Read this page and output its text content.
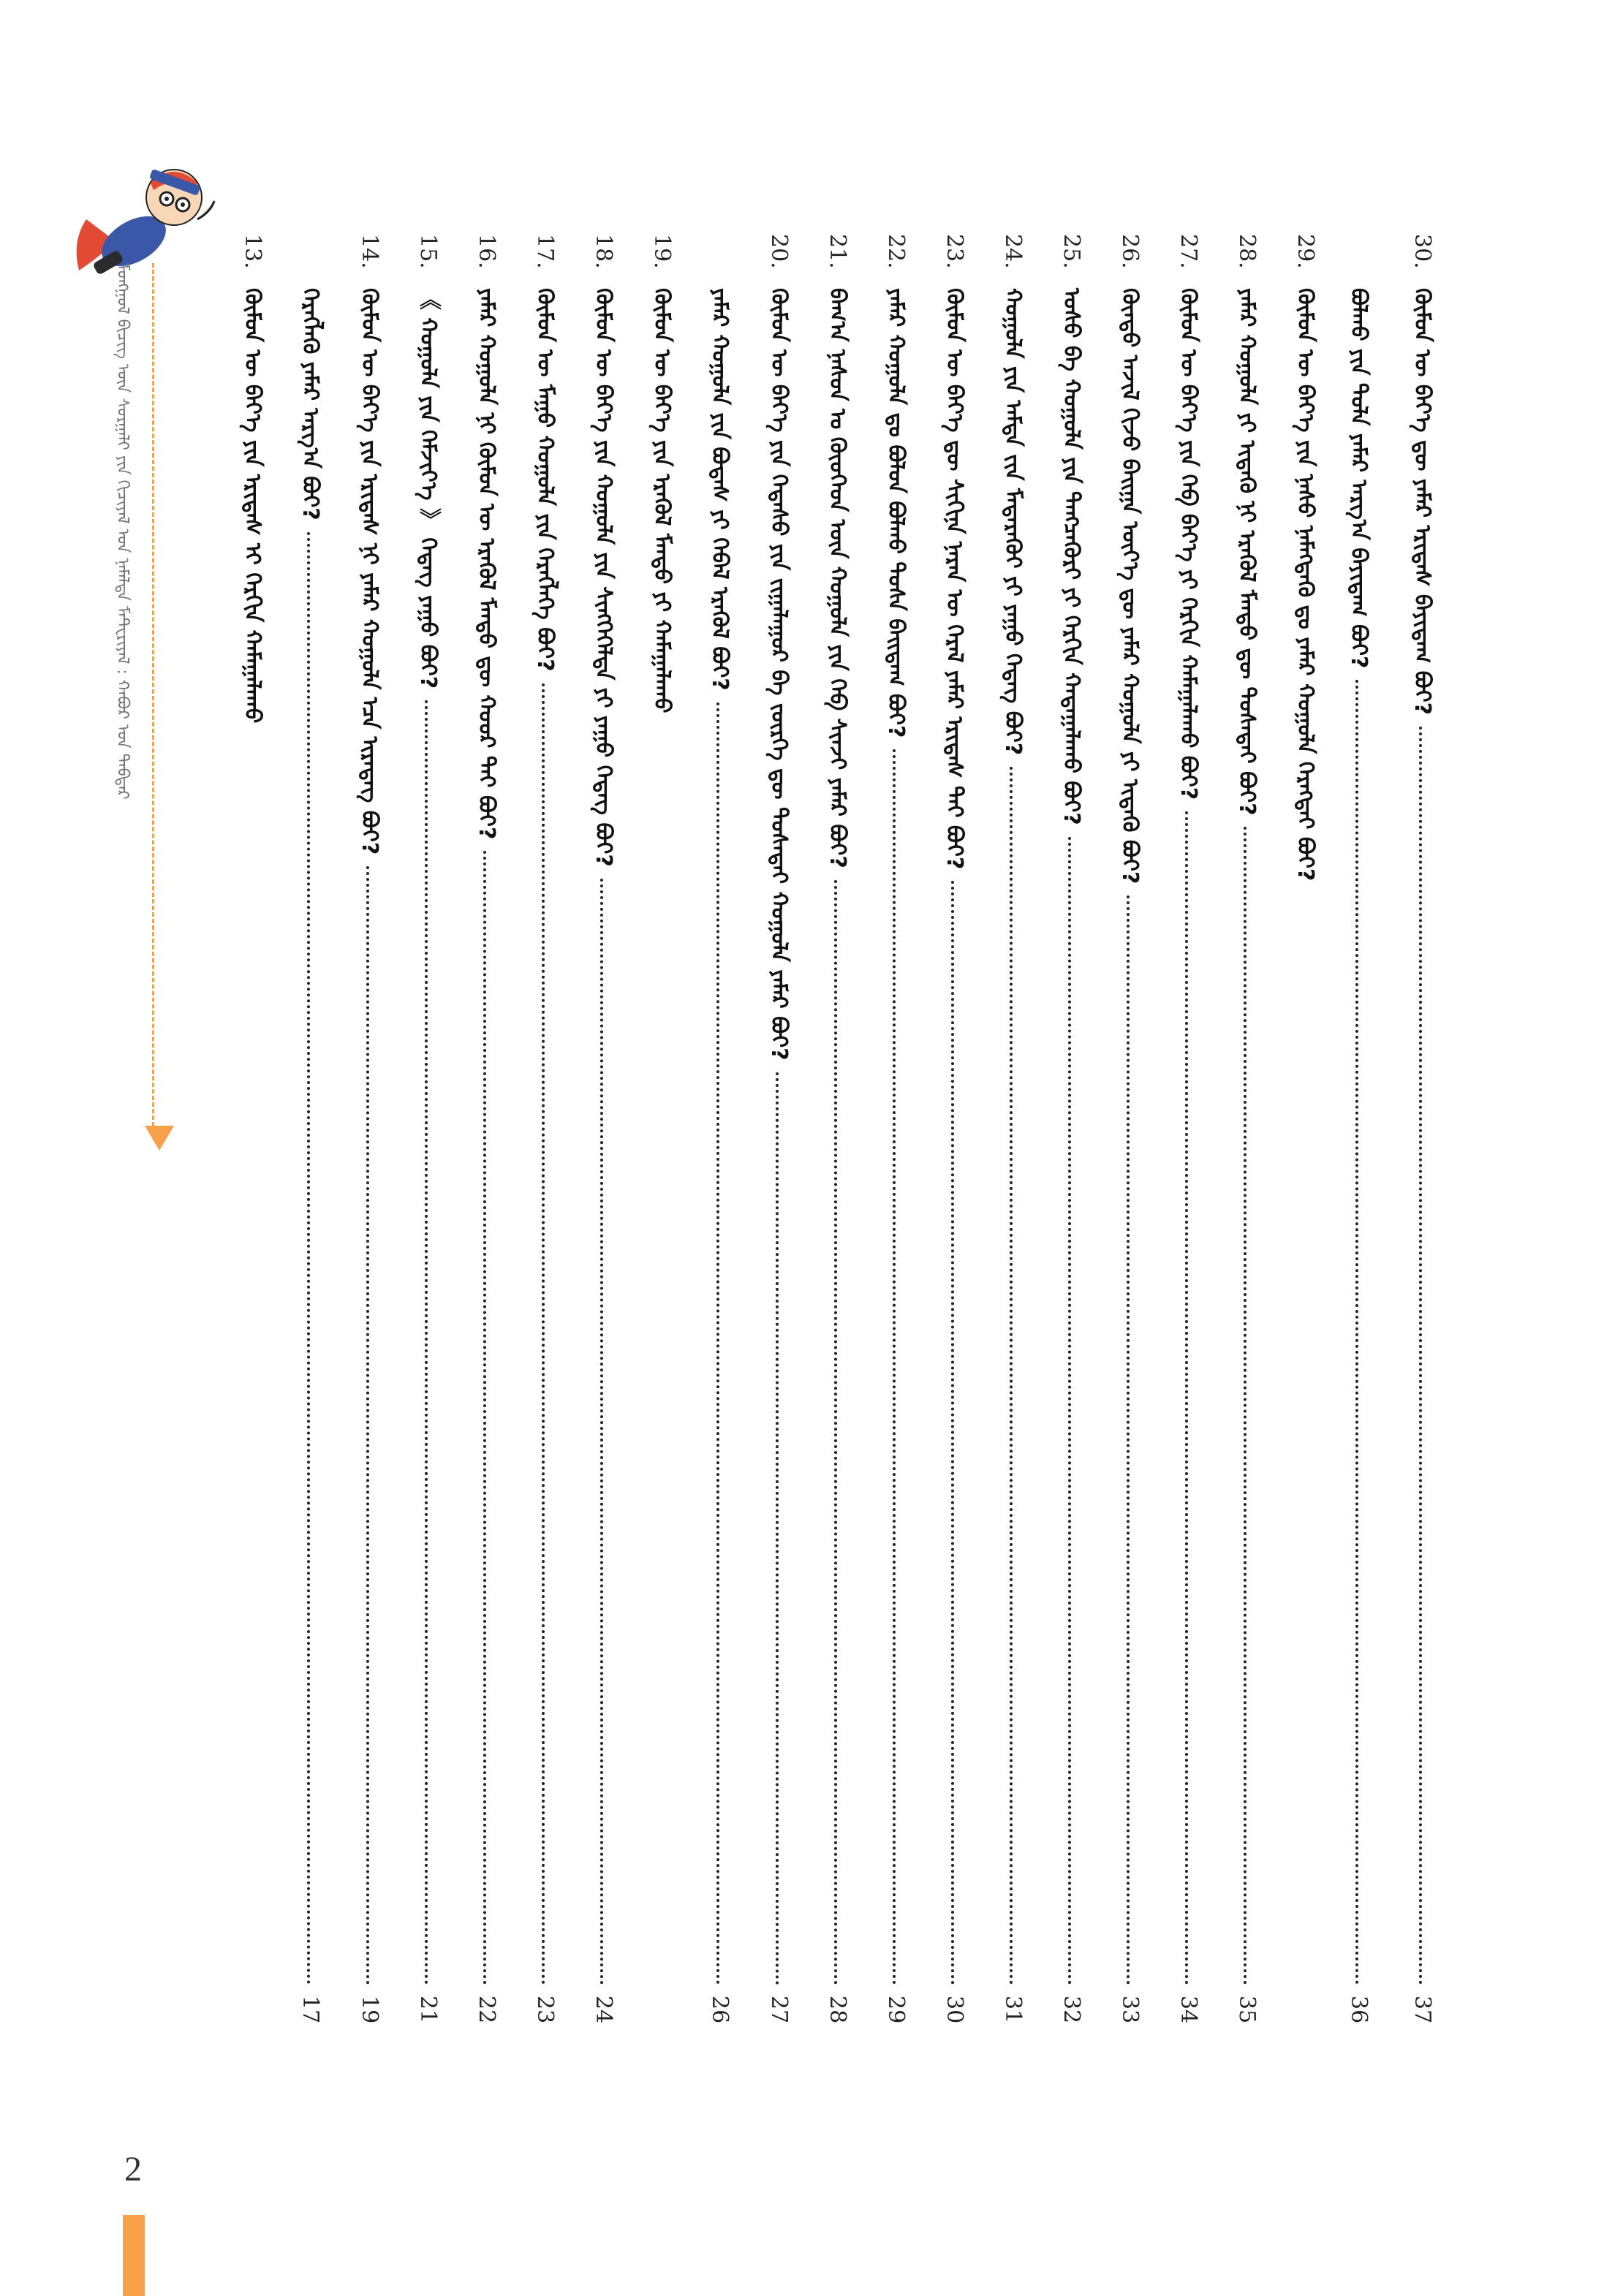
ᠮᠣᠩᠭᠣᠯ ᠪᠢᠴᠢᠭ᠌ ᠦᠨ ᠰᠤᠷᠭᠠᠯᠢ ᠶᠢᠨ ᠬᠢᠴᠢᠶᠡᠯ ᠤᠨ ᠨᠡᠮᠡᠯᠳᠡ ᠮᠠᠲᠧᠷᠢᠶᠠᠯ : ᠬᠠᠪᠤᠷ ᠤᠨ ᠳᠡᠪᠲᠡᠷ
30.
ᠬᠦᠮᠦᠨ ᠦ ᠪᠡᠶ᠎ᠡ ᠳᠦ ᠶᠠᠮᠠᠷ ᠡᠷᠢᠳᠡᠰ ᠪᠠᠶᠢᠳᠠᠭ ᠪᠤᠢ?
37
ᠪᠣᠯᠬᠤ ᠶᠢᠨ ᠲᠤᠯᠠ ᠶᠠᠮᠠᠷ ᠠᠷᠭ᠎ᠠ ᠪᠠᠶᠢᠳᠠᠭ ᠪᠤᠢ?
36
29.
ᠬᠦᠮᠦᠨ ᠦ ᠪᠡᠶ᠎ᠡ ᠶᠢᠨ ᠨᠠᠰᠤ ᠨᠡᠮᠡᠭᠳᠡᠬᠦ ᠳᠤ ᠶᠠᠮᠠᠷ ᠬᠣᠭᠣᠯᠠ ᠬᠡᠷᠡᠭᠲᠡᠢ ᠪᠤᠢ?
28.
ᠶᠠᠮᠠᠷ ᠬᠣᠭᠣᠯᠠ ᠶᠢ ᠢᠳᠡᠬᠦ ᠨᠢ ᠡᠷᠡᠭᠦᠯ ᠮᠡᠨᠳᠦ ᠳᠦ ᠲᠤᠰᠠᠲᠠᠢ ᠪᠤᠢ?
35
27.
ᠬᠦᠮᠦᠨ ᠦ ᠪᠡᠶ᠎ᠡ ᠶᠢᠨ ᠬᠡᠪ ᠪᠡᠶ᠎ᠡ ᠶᠢ ᠬᠡᠷᠬᠢᠨ ᠬᠠᠮᠠᠭᠠᠯᠠᠬᠤ ᠪᠤᠢ?
34
26.
ᠬᠦᠨᠳᠦ ᠠᠵᠢᠯ ᠬᠢᠵᠦ ᠪᠠᠢᠭᠠ ᠦᠶ᠎ᠡ ᠳᠦ ᠶᠠᠮᠠᠷ ᠬᠣᠭᠣᠯᠠ ᠶᠢ ᠢᠳᠡᠬᠦ ᠪᠤᠢ?
33
25.
ᠤᠰᠤ ᠪᠠ ᠬᠣᠭᠣᠯᠠ ᠶᠢᠨ ᠲᠡᠩᠴᠡᠭᠦᠷᠢ ᠶᠢ ᠬᠡᠷᠬᠢᠨ ᠬᠠᠳᠠᠭᠠᠯᠠᠬᠤ ᠪᠤᠢ?
32
24.
ᠬᠣᠭᠣᠯᠠ ᠶᠢᠨ ᠠᠮᠲᠠ ᠵᠢᠨ ᠮᠡᠳᠡᠷᠡᠬᠦᠢ ᠶᠢ ᠶᠠᠭᠤ ᠭᠡᠳᠡᠭ ᠪᠤᠢ?
31
23.
ᠬᠦᠮᠦᠨ ᠦ ᠪᠡᠶ᠎ᠡ ᠳᠦ ᠰᠢᠭᠢᠨᠡ ᠨᠠᠷᠠᠨ ᠦ ᠭᠡᠷᠡᠯ ᠶᠠᠮᠠᠷ ᠡᠷᠢᠳᠡᠰ ᠲᠠᠢ ᠪᠤᠢ?
30
22.
ᠶᠠᠮᠠᠷ ᠬᠣᠭᠣᠯᠠ ᠳᠤ ᠪᠣᠯᠤᠨ ᠪᠤᠯᠬᠤ ᠲᠤᠰᠠ ᠪᠠᠢᠳᠠᠭ ᠪᠤᠢ?
29
21.
ᠪᠠᠭ᠎ᠠ ᠨᠠᠰᠤᠨ ᠤ ᠬᠦᠦᠬᠡᠳ ᠦᠨ ᠬᠣᠭᠣᠯᠠ ᠶᠢᠨ ᠬᠡᠪ ᠰᠢᠨᠵᠢ ᠶᠠᠮᠠᠷ ᠪᠤᠢ?
28
20.
ᠬᠦᠮᠦᠨ ᠦ ᠪᠡᠶ᠎ᠡ ᠶᠢᠨ ᠭᠡᠳᠡᠰᠦ ᠶᠢᠨ ᠵᠢᠭᠠᠯᠠᠭᠤᠷ ᠪᠠ ᠵᠦᠷᠬᠡ ᠳᠦ ᠲᠤᠰᠠᠲᠠᠢ ᠬᠣᠭᠣᠯᠠ ᠶᠠᠮᠠᠷ ᠪᠤᠢ?
27
ᠶᠠᠮᠠᠷ ᠬᠣᠭᠣᠯᠠ ᠶᠢᠨ ᠪᠤᠳᠠᠰ ᠶᠢ ᠭᠡᠪᠡᠯ ᠡᠷᠡᠭᠦᠯ ᠪᠤᠢ?
26
19.
ᠬᠦᠮᠦᠨ ᠦ ᠪᠡᠶ᠎ᠡ ᠶᠢᠨ ᠡᠷᠡᠭᠦᠯ ᠮᠡᠨᠳᠦ ᠶᠢ ᠬᠠᠮᠠᠭᠠᠯᠠᠬᠤ
18.
ᠬᠦᠮᠦᠨ ᠦ ᠪᠡᠶ᠎ᠡ ᠶᠢᠨ ᠬᠣᠭᠣᠯᠠ ᠶᠢᠨ ᠰᠢᠩᠭᠡᠭᠡᠯᠲᠡ ᠶᠢ ᠶᠠᠭᠤ ᠭᠡᠳᠡᠭ ᠪᠤᠢ?
24
17.
ᠬᠦᠮᠦᠨ ᠦ ᠮᠠᠭᠤ ᠬᠣᠭᠣᠯᠠ ᠶᠢᠨ ᠬᠡᠷᠡᠭᠯᠡᠬᠡ ᠪᠤᠢ?
23
16.
ᠶᠠᠮᠠᠷ ᠬᠣᠭᠣᠯᠠ ᠨᠢ ᠬᠦᠮᠦᠨ ᠦ ᠡᠷᠡᠭᠦᠯ ᠮᠡᠨᠳᠦ ᠳᠦ ᠬᠣᠣᠷ ᠲᠠᠢ ᠪᠤᠢ?
22
15.
《 ᠬᠣᠭᠣᠯᠠ ᠶᠢᠨ ᠬᠡᠮᠵᠢᠶ᠎ᠡ 》 ᠭᠡᠳᠡᠭ ᠶᠠᠭᠤ ᠪᠤᠢ?
21
14.
ᠬᠦᠮᠦᠨ ᠦ ᠪᠡᠶ᠎ᠡ ᠶᠢᠨ ᠡᠷᠢᠳᠡᠰ ᠨᠢ ᠶᠠᠮᠠᠷ ᠬᠣᠭᠣᠯᠠ ᠡᠴᠡ ᠢᠷᠡᠳᠡᠭ ᠪᠤᠢ?
19
ᠬᠡᠷᠡᠭᠯᠡᠬᠦ ᠶᠠᠮᠠᠷ ᠠᠷᠭ᠎ᠠ ᠪᠤᠢ?
17
13.
ᠬᠦᠮᠦᠨ ᠦ ᠪᠡᠶ᠎ᠡ ᠶᠢᠨ ᠡᠷᠢᠳᠡᠰ ᠢ ᠬᠡᠷᠬᠢᠨ ᠬᠠᠮᠠᠭᠠᠯᠠᠬᠤ
2
